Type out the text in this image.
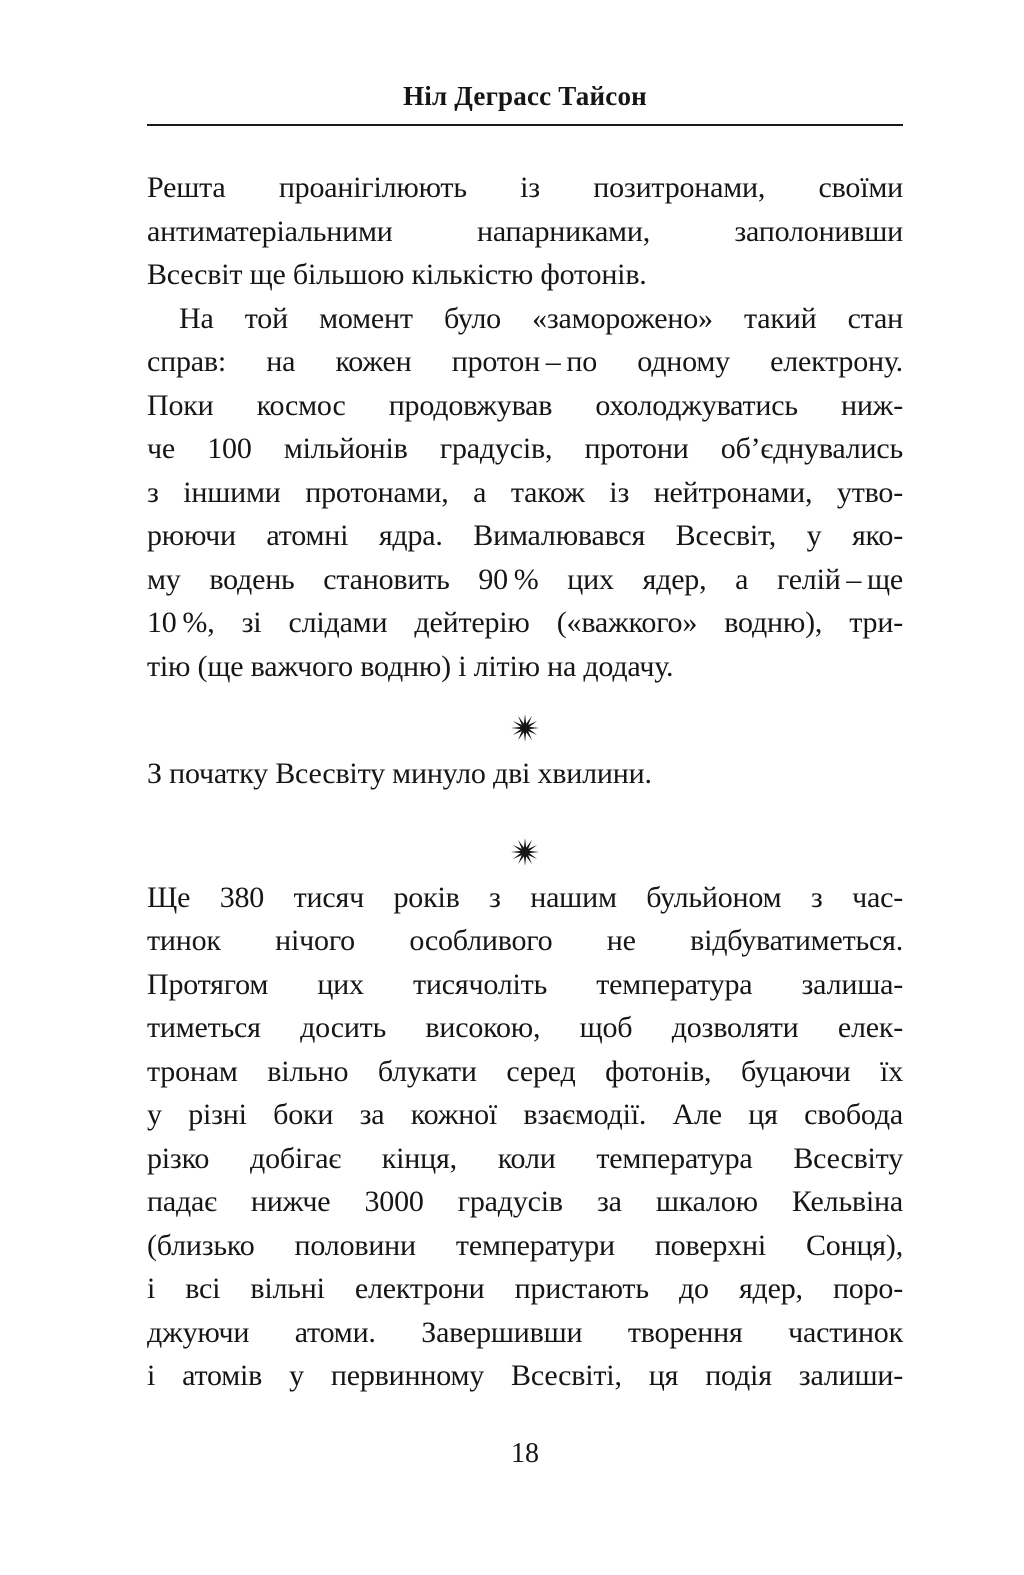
Ніл Деграсс Тайсон
Решта проанігілюють із позитронами, своїми
антиматеріальними напарниками, заполонивши
Всесвіт ще більшою кількістю фотонів.
На той момент було «заморожено» такий стан
справ: на кожен протон – по одному електрону.
Поки космос продовжував охолоджуватись ниж-
че 100 мільйонів градусів, протони об’єднувались
з іншими протонами, а також із нейтронами, утво-
рюючи атомні ядра. Вималювався Всесвіт, у яко-
му водень становить 90 % цих ядер, а гелій – ще
10 %, зі слідами дейтерію («важкого» водню), три-
тію (ще важчого водню) і літію на додачу.
З початку Всесвіту минуло дві хвилини.
Ще 380 тисяч років з нашим бульйоном з час-
тинок нічого особливого не відбуватиметься.
Протягом цих тисячоліть температура залиша-
тиметься досить високою, щоб дозволяти елек-
тронам вільно блукати серед фотонів, буцаючи їх
у різні боки за кожної взаємодії. Але ця свобода
різко добігає кінця, коли температура Всесвіту
падає нижче 3000 градусів за шкалою Кельвіна
(близько половини температури поверхні Сонця),
і всі вільні електрони пристають до ядер, поро-
джуючи атоми. Завершивши творення частинок
і атомів у первинному Всесвіті, ця подія залиши-
18
